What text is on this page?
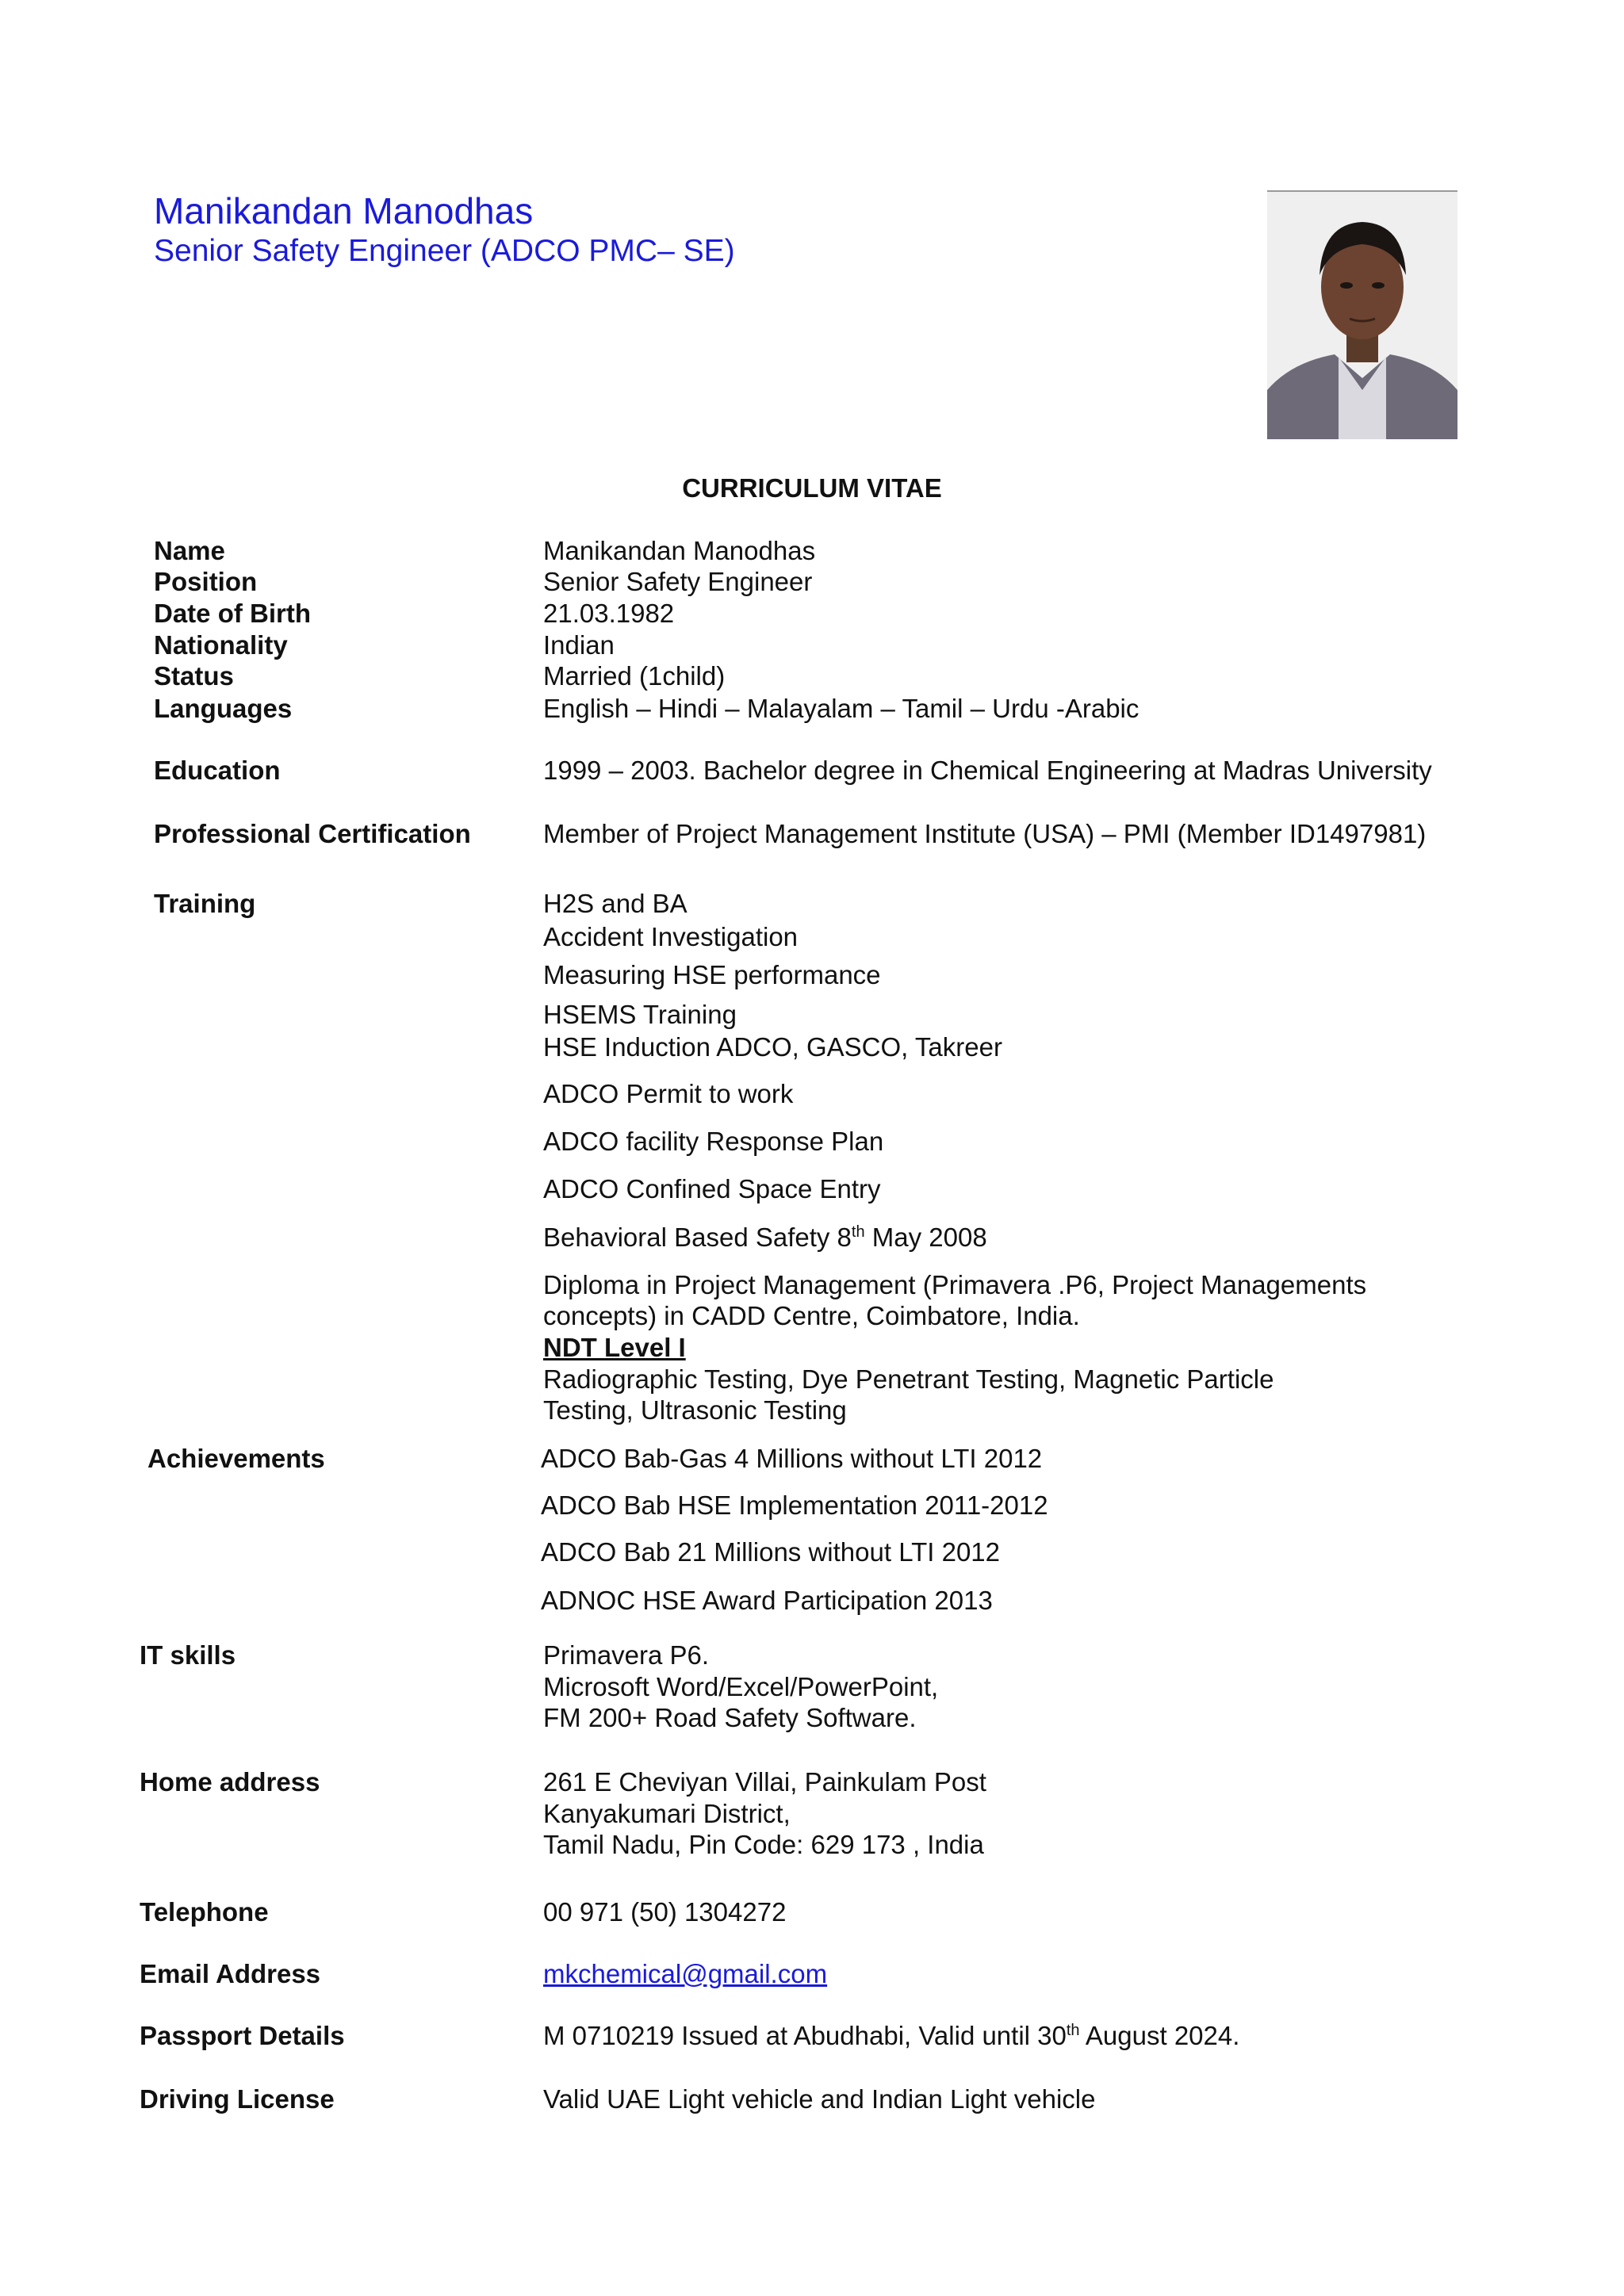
Manikandan Manodhas
Senior Safety Engineer (ADCO PMC– SE)
CURRICULUM VITAE
Name	Manikandan Manodhas
Position	Senior Safety Engineer
Date of Birth	21.03.1982
Nationality	Indian
Status	Married (1child)
Languages	English – Hindi – Malayalam – Tamil – Urdu -Arabic
Education	1999 – 2003. Bachelor degree in Chemical Engineering at Madras University
Professional Certification	Member of Project Management Institute (USA) – PMI (Member ID1497981)
Training	H2S and BA
Accident Investigation
Measuring HSE performance
HSEMS Training
HSE Induction ADCO, GASCO, Takreer
ADCO Permit to work
ADCO facility Response Plan
ADCO Confined Space Entry
Behavioral Based Safety 8th May 2008
Diploma in Project Management (Primavera .P6, Project Managements
concepts) in CADD Centre, Coimbatore, India.
NDT Level I
Radiographic Testing, Dye Penetrant Testing, Magnetic Particle
Testing, Ultrasonic Testing
Achievements	ADCO Bab-Gas 4 Millions without LTI 2012
ADCO Bab HSE Implementation 2011-2012
ADCO Bab 21 Millions without LTI 2012
ADNOC HSE Award Participation 2013
IT skills	Primavera P6.
Microsoft Word/Excel/PowerPoint,
FM 200+ Road Safety Software.
Home address	261 E Cheviyan Villai, Painkulam Post
Kanyakumari District,
Tamil Nadu, Pin Code: 629 173 , India
Telephone	00 971 (50) 1304272
Email Address	mkchemical@gmail.com
Passport Details	M 0710219 Issued at Abudhabi, Valid until 30th August 2024.
Driving License	Valid UAE Light vehicle and Indian Light vehicle
